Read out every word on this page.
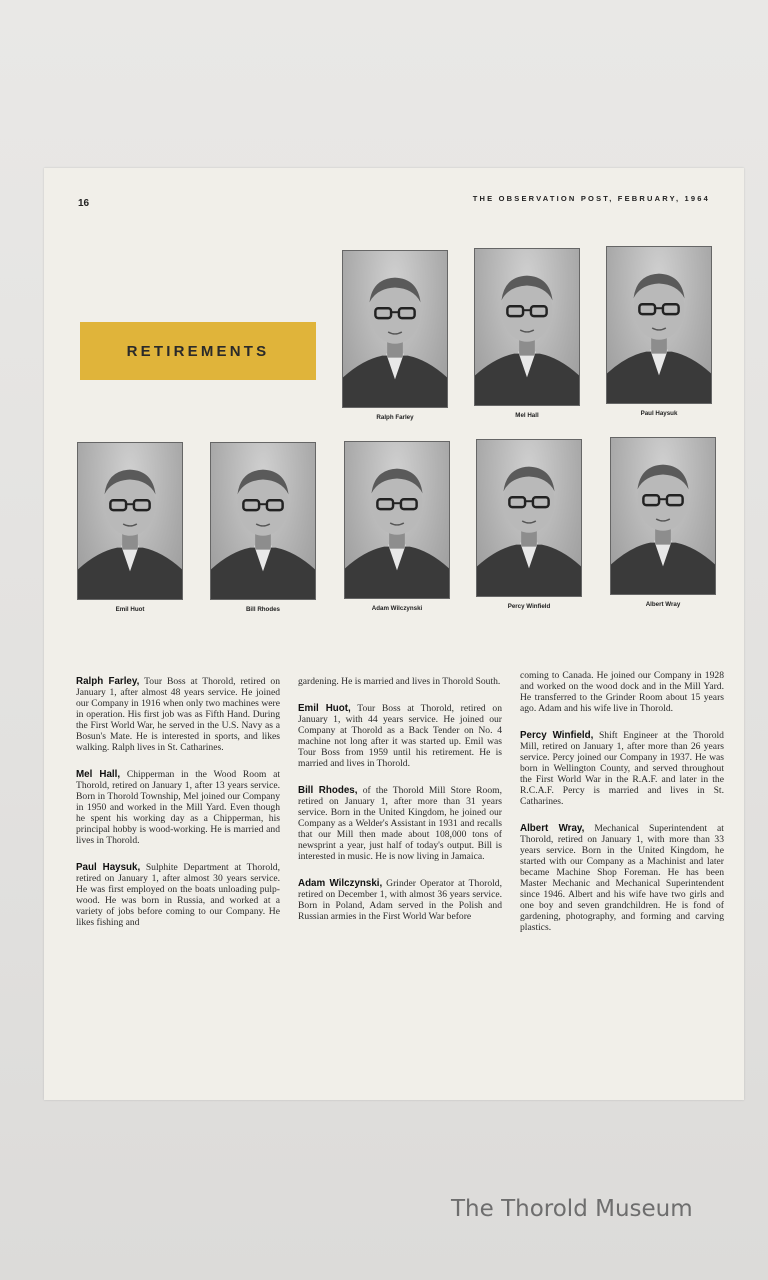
16	THE OBSERVATION POST, FEBRUARY, 1964
RETIREMENTS
Ralph Farley	Mel Hall	Paul Haysuk
Emil Huot	Bill Rhodes	Adam Wilczynski	Percy Winfield	Albert Wray

Ralph Farley, Tour Boss at Thorold, retired on January 1, after almost 48 years service. He joined our Company in 1916 when only two machines were in operation. His first job was as Fifth Hand. During the First World War, he served in the U.S. Navy as a Bosun's Mate. He is interested in sports, and likes walking. Ralph lives in St. Catharines.

Mel Hall, Chipperman in the Wood Room at Thorold, retired on January 1, after 13 years service. Born in Thorold Township, Mel joined our Company in 1950 and worked in the Mill Yard. Even though he spent his working day as a Chipperman, his principal hobby is wood-working. He is married and lives in Thorold.

Paul Haysuk, Sulphite Department at Thorold, retired on January 1, after almost 30 years service. He was first employed on the boats unloading pulp-wood. He was born in Russia, and worked at a variety of jobs before coming to our Company. He likes fishing and

gardening. He is married and lives in Thorold South.

Emil Huot, Tour Boss at Thorold, retired on January 1, with 44 years service. He joined our Company at Thorold as a Back Tender on No. 4 machine not long after it was started up. Emil was Tour Boss from 1959 until his retirement. He is married and lives in Thorold.

Bill Rhodes, of the Thorold Mill Store Room, retired on January 1, after more than 31 years service. Born in the United Kingdom, he joined our Company as a Welder's Assistant in 1931 and recalls that our Mill then made about 108,000 tons of newsprint a year, just half of today's output. Bill is interested in music. He is now living in Jamaica.

Adam Wilczynski, Grinder Operator at Thorold, retired on December 1, with almost 36 years service. Born in Poland, Adam served in the Polish and Russian armies in the First World War before

coming to Canada. He joined our Company in 1928 and worked on the wood dock and in the Mill Yard. He transferred to the Grinder Room about 15 years ago. Adam and his wife live in Thorold.

Percy Winfield, Shift Engineer at the Thorold Mill, retired on January 1, after more than 26 years service. Percy joined our Company in 1937. He was born in Wellington County, and served throughout the First World War in the R.A.F. and later in the R.C.A.F. Percy is married and lives in St. Catharines.

Albert Wray, Mechanical Superintendent at Thorold, retired on January 1, with more than 33 years service. Born in the United Kingdom, he started with our Company as a Machinist and later became Machine Shop Foreman. He has been Master Mechanic and Mechanical Superintendent since 1946. Albert and his wife have two girls and one boy and seven grandchildren. He is fond of gardening, photography, and forming and carving plastics.

The Thorold Museum
